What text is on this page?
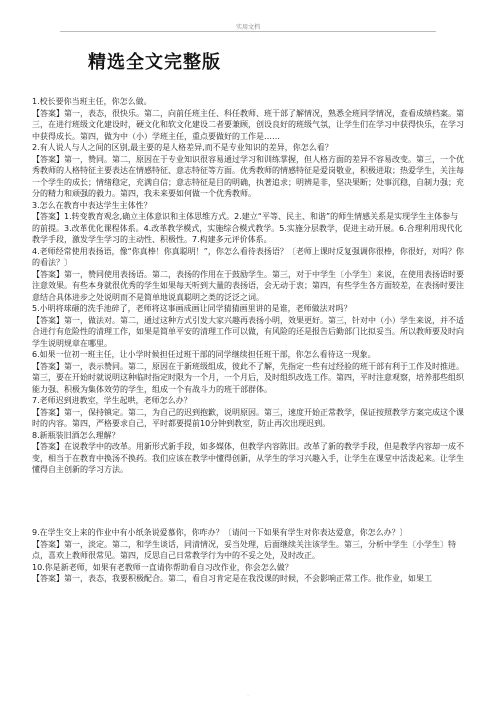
实用文档
精选全文完整版

1.校长要你当班主任，你怎么做。

【答案】第一，表态，很快乐。第二，向前任班主任、科任教师、班干部了解情况，熟悉全班同学情况，查看成绩档案。第三，在进行班级文化建设时，硬文化和软文化建设二者要兼顾，创设良好的班级气氛，让学生们在学习中获得快乐，在学习中获得成长。第四，做为中（小）学班主任，重点要做好的工作是……

2.有人说人与人之间的区别,最主要的是人格差异,而不是专业知识的差异，你怎么看？

【答案】第一，赞同。第二，原因在于专业知识很容易通过学习和训练掌握，但人格方面的差异不容易改变。第三，一个优秀教师的人格特征主要表达在情感特征、意志特征等方面。优秀教师的情感特征是爱岗敬业，积极进取；热爱学生，关注每一个学生的成长；情绪稳定，充满自信；意志特征是目的明确，执著追求；明辨是非，坚决果断；处事沉稳，自制力强；充分的精力和顽强的毅力。第四，我未来要如何做一个优秀教师。

3.怎么在教育中表达学生主体性？

【答案】1.转变教育观念,确立主体意识和主体思维方式。2.建立“平等、民主、和谐”的师生情感关系是实现学生主体参与的前提。3.改革优化课程体系。4.改革教学模式，实施综合模式教学。5.实施分层教学，促进主动开展。6.合理利用现代化教学手段，激发学生学习的主动性、积极性。7.构建多元评价体系。

4.老师经常使用表扬语，像“你真棒！你真聪明！”，你怎么看待表扬语？〔老师上课时反复强调你很棒，你很好，对吗？你的看法？〕

【答案】第一，赞同使用表扬语。第二，表扬的作用在于鼓励学生。第三，对于中学生〔小学生〕来说，在使用表扬语时要注意效果。有些本身就很优秀的学生如果每天听到大量的表扬语，会无动于衷；第四，有些学生各方面较差，在表扬时要注意结合具体进步之处说明而不是简单地说真聪明之类的泛泛之词。

5.小明将球砸的洗手池碎了，老师将这事画成画让同学猜猜画里讲的是谁，老师做法对吗？

【答案】第一，做法对。第二，通过这种方式引发大家兴趣再表扬小明，效果更好。第三，针对中（小）学生来说，并不适合进行有危险性的清理工作，如果是简单平安的清理工作可以做，有风险的还是报告后勤部门比拟妥当。所以教师要及时向学生说明规章在哪里。

6.如果一位初一班主任，让小学时候担任过班干部的同学继续担任班干部，你怎么看待这一现象。

【答案】第一，表示赞同。第二，原因在于新班级组成，彼此不了解，先指定一些有过经验的班干部有利于工作及时推进。第三，要在开始时就说明这种临时指定时限为一个月，一个月后，及时组织改选工作。第四，平时注意观察，培养那些组织能力强、积极为集体效劳的学生，组成一个有战斗力的班干部群体。

7.老师迟到进教室，学生起哄，老师怎么办？

【答案】第一，保持镇定。第二，为自己的迟到抱歉，说明原因。第三，速度开始正常教学，保证按照教学方案完成这个课时的内容。第四，严格要求自己，平时都要提前10分钟到教室，防止再次出现迟到。

8.新瓶装旧酒怎么理解？

【答案】在说教学中的改革。用新形式新手段，如多媒体，但教学内容陈旧。改革了新的教学手段，但是教学内容却一成不变，相当于在教育中换汤不换药。我们应该在教学中懂得创新，从学生的学习兴趣入手，让学生在课堂中活泼起来。让学生懂得自主创新的学习方法。

9.在学生交上来的作业中有小纸条说爱慕你，你咋办？〔请问一下如果有学生对你表达爱意，你怎么办？〕

【答案】第一，淡定。第二，和学生谈话，同清情况，妥当处理，后面继续关注该学生。第三，分析中学生〔小学生〕特点，喜欢上教师很常见。第四，反思自己日常教学行为中的不妥之处，及时改正。

10.你是新老师，如果有老教师一直请你帮助看自习改作业，你会怎么做？

【答案】第一，表态，我要积极配合。第二，看自习肯定是在我没课的时候，不会影响正常工作。批作业，如果工

.
